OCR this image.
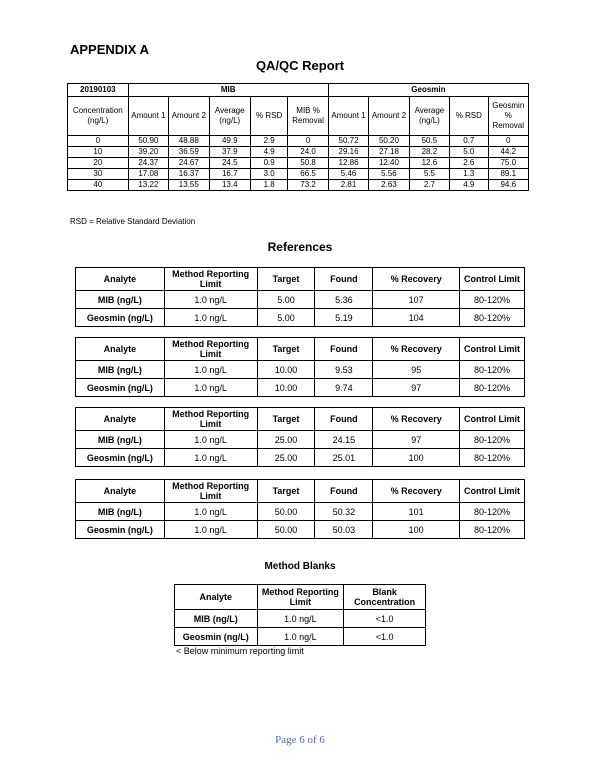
APPENDIX A
QA/QC Report
20190103	MIB					Geosmin				
Concentration (ng/L)	Amount 1	Amount 2	Average (ng/L)	% RSD	MIB % Removal	Amount 1	Amount 2	Average (ng/L)	% RSD	Geosmin % Removal
0	50.90	48.88	49.9	2.9	0	50.72	50.20	50.5	0.7	0
10	39.20	36.59	37.9	4.9	24.0	29.16	27.18	28.2	5.0	44.2
20	24.37	24.67	24.5	0.9	50.8	12.86	12.40	12.6	2.6	75.0
30	17.08	16.37	16.7	3.0	66.5	5.46	5.56	5.5	1.3	89.1
40	13.22	13.55	13.4	1.8	73.2	2.81	2.63	2.7	4.9	94.6
RSD = Relative Standard Deviation
References
Analyte	Method Reporting Limit	Target	Found	% Recovery	Control Limit
MIB (ng/L)	1.0 ng/L	5.00	5.36	107	80-120%
Geosmin (ng/L)	1.0 ng/L	5.00	5.19	104	80-120%
Analyte	Method Reporting Limit	Target	Found	% Recovery	Control Limit
MIB (ng/L)	1.0 ng/L	10.00	9.53	95	80-120%
Geosmin (ng/L)	1.0 ng/L	10.00	9.74	97	80-120%
Analyte	Method Reporting Limit	Target	Found	% Recovery	Control Limit
MIB (ng/L)	1.0 ng/L	25.00	24.15	97	80-120%
Geosmin (ng/L)	1.0 ng/L	25.00	25.01	100	80-120%
Analyte	Method Reporting Limit	Target	Found	% Recovery	Control Limit
MIB (ng/L)	1.0 ng/L	50.00	50.32	101	80-120%
Geosmin (ng/L)	1.0 ng/L	50.00	50.03	100	80-120%
Method Blanks
Analyte	Method Reporting Limit	Blank Concentration
MIB (ng/L)	1.0 ng/L	<1.0
Geosmin (ng/L)	1.0 ng/L	<1.0
< Below minimum reporting limit
Page 6 of 6
